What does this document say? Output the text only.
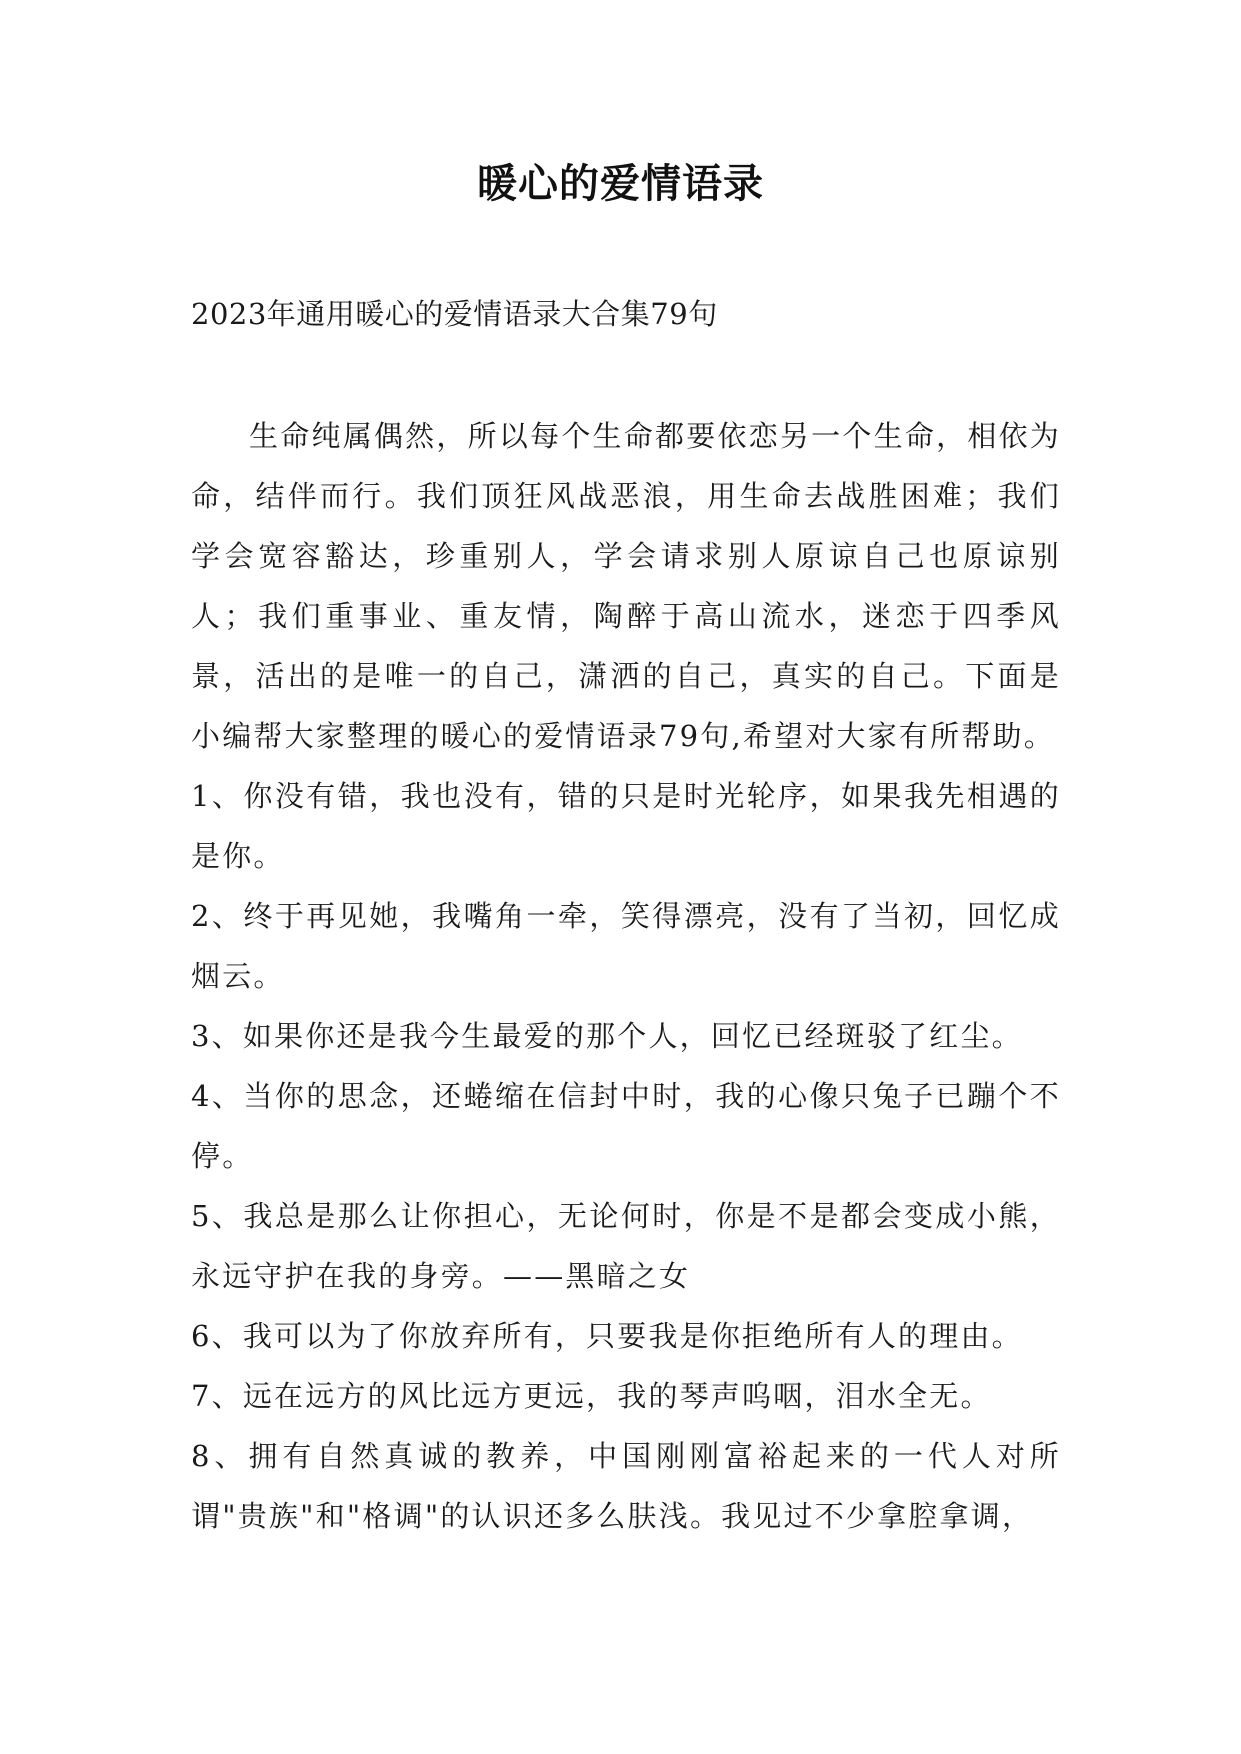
暖心的爱情语录

2023年通用暖心的爱情语录大合集79句

生命纯属偶然，所以每个生命都要依恋另一个生命，相依为命，结伴而行。我们顶狂风战恶浪，用生命去战胜困难；我们学会宽容豁达，珍重别人，学会请求别人原谅自己也原谅别人；我们重事业、重友情，陶醉于高山流水，迷恋于四季风景，活出的是唯一的自己，潇洒的自己，真实的自己。下面是小编帮大家整理的暖心的爱情语录79句,希望对大家有所帮助。

1、你没有错，我也没有，错的只是时光轮序，如果我先相遇的是你。

2、终于再见她，我嘴角一牵，笑得漂亮，没有了当初，回忆成烟云。

3、如果你还是我今生最爱的那个人，回忆已经斑驳了红尘。

4、当你的思念，还蜷缩在信封中时，我的心像只兔子已蹦个不停。

5、我总是那么让你担心，无论何时，你是不是都会变成小熊，永远守护在我的身旁。——黑暗之女

6、我可以为了你放弃所有，只要我是你拒绝所有人的理由。

7、远在远方的风比远方更远，我的琴声呜咽，泪水全无。

8、拥有自然真诚的教养，中国刚刚富裕起来的一代人对所谓"贵族"和"格调"的认识还多么肤浅。我见过不少拿腔拿调，
